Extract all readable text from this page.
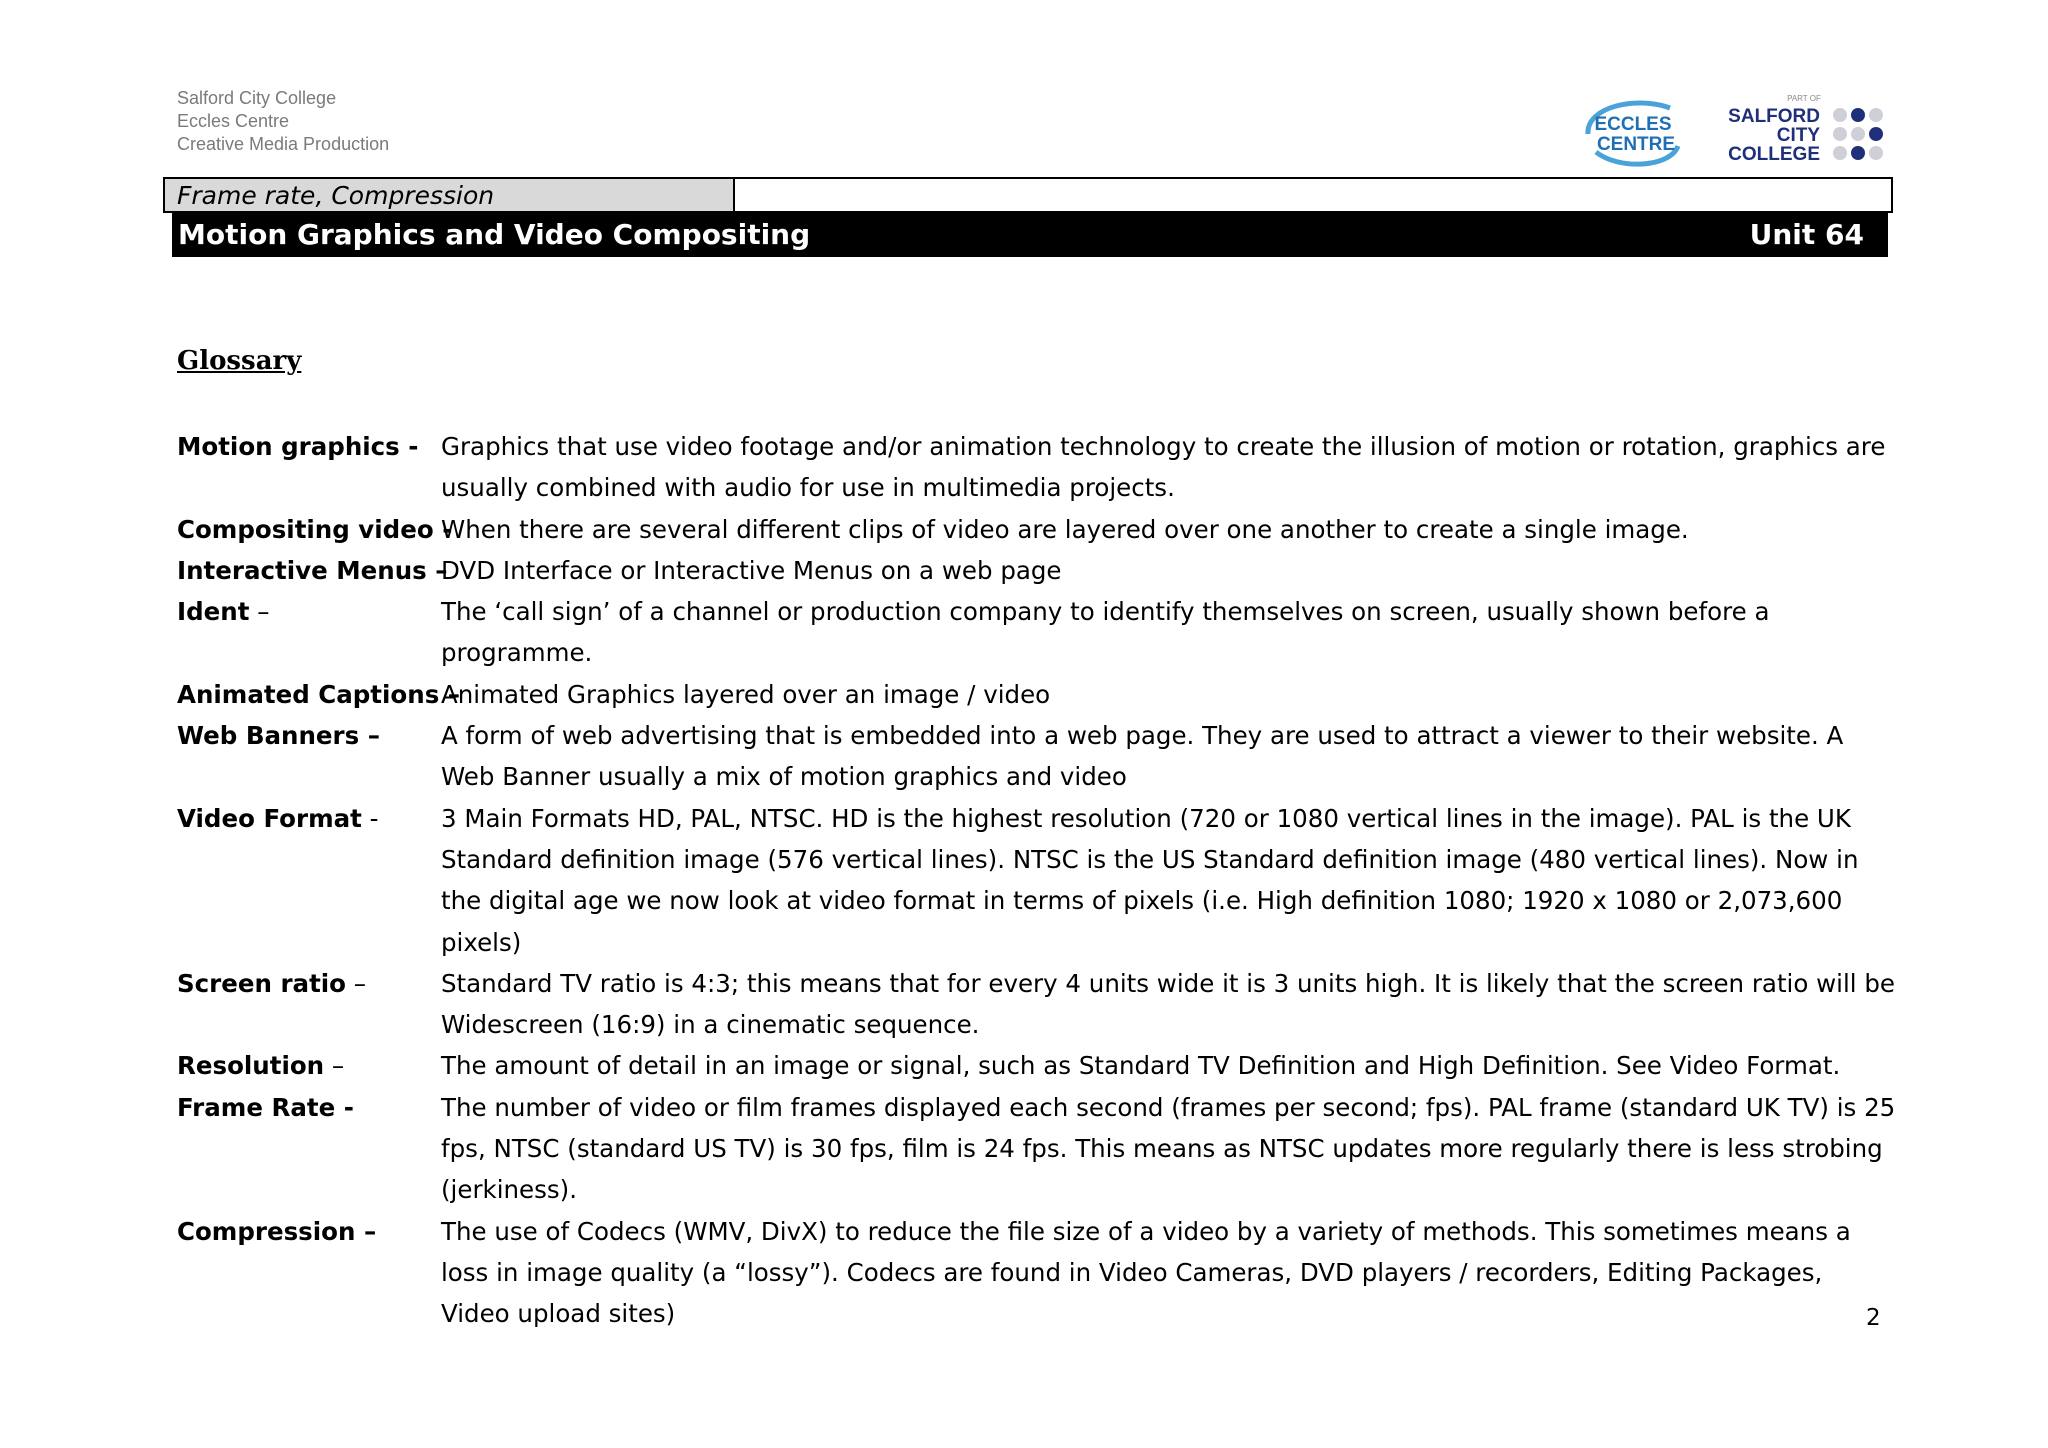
Salford City College
Eccles Centre
Creative Media Production
ECCLES
CENTRE
PART OF
SALFORD
CITY
COLLEGE
Frame rate, Compression
Motion Graphics and Video Compositing	Unit 64
Glossary
Motion graphics - Graphics that use video footage and/or animation technology to create the illusion of motion or rotation, graphics are usually combined with audio for use in multimedia projects.
Compositing video -
When there are several different clips of video are layered over one another to create a single image.
Interactive Menus –
DVD Interface or Interactive Menus on a web page
Ident –	The ‘call sign’ of a channel or production company to identify themselves on screen, usually shown before a programme.
Animated Captions –
Animated Graphics layered over an image / video
Web Banners –	A form of web advertising that is embedded into a web page. They are used to attract a viewer to their website. A Web Banner usually a mix of motion graphics and video
Video Format -	3 Main Formats HD, PAL, NTSC. HD is the highest resolution (720 or 1080 vertical lines in the image). PAL is the UK Standard definition image (576 vertical lines). NTSC is the US Standard definition image (480 vertical lines). Now in the digital age we now look at video format in terms of pixels (i.e. High definition 1080; 1920 x 1080 or 2,073,600 pixels)
Screen ratio –	Standard TV ratio is 4:3; this means that for every 4 units wide it is 3 units high. It is likely that the screen ratio will be Widescreen (16:9) in a cinematic sequence.
Resolution –	The amount of detail in an image or signal, such as Standard TV Definition and High Definition. See Video Format.
Frame Rate -	The number of video or film frames displayed each second (frames per second; fps). PAL frame (standard UK TV) is 25 fps, NTSC (standard US TV) is 30 fps, film is 24 fps. This means as NTSC updates more regularly there is less strobing (jerkiness).
Compression –	The use of Codecs (WMV, DivX) to reduce the file size of a video by a variety of methods. This sometimes means a loss in image quality (a “lossy”). Codecs are found in Video Cameras, DVD players / recorders, Editing Packages, Video upload sites)	2
